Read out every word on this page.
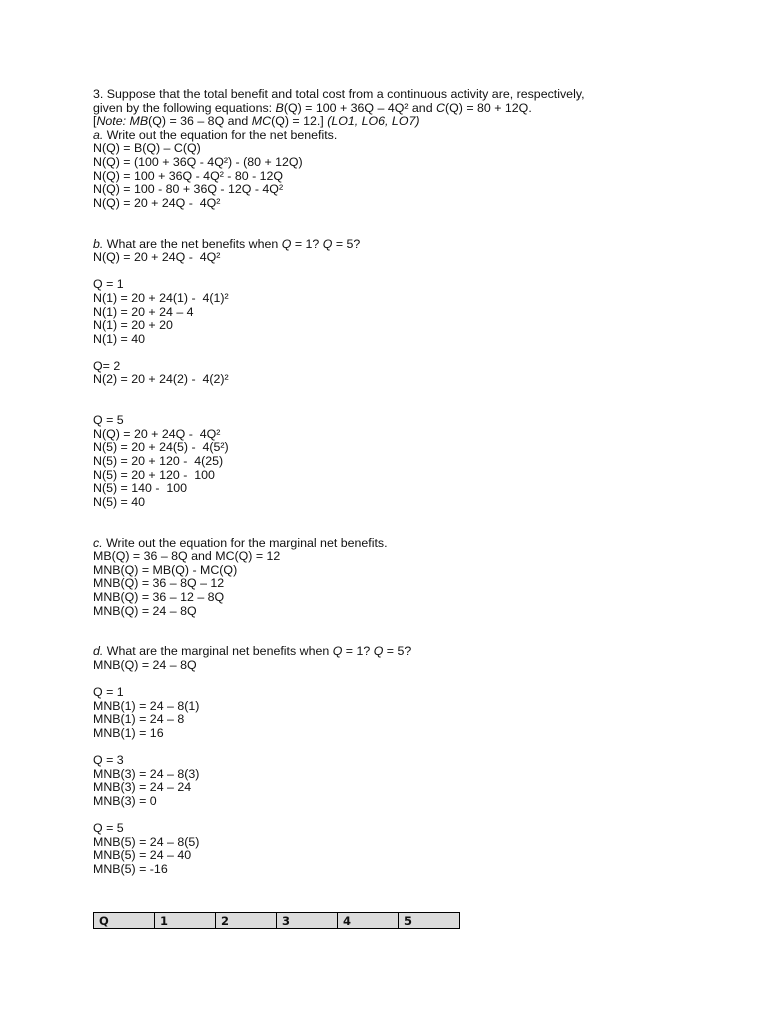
3. Suppose that the total benefit and total cost from a continuous activity are, respectively,
given by the following equations: B(Q) = 100 + 36Q – 4Q² and C(Q) = 80 + 12Q.
[Note: MB(Q) = 36 – 8Q and MC(Q) = 12.] (LO1, LO6, LO7)
a. Write out the equation for the net benefits.
N(Q) = B(Q) – C(Q)
N(Q) = (100 + 36Q - 4Q²) - (80 + 12Q)
N(Q) = 100 + 36Q - 4Q² - 80 - 12Q
N(Q) = 100 - 80 + 36Q - 12Q - 4Q²
N(Q) = 20 + 24Q -  4Q²
b. What are the net benefits when Q = 1? Q = 5?
N(Q) = 20 + 24Q -  4Q²
Q = 1
N(1) = 20 + 24(1) -  4(1)²
N(1) = 20 + 24 – 4
N(1) = 20 + 20
N(1) = 40
Q= 2
N(2) = 20 + 24(2) -  4(2)²
Q = 5
N(Q) = 20 + 24Q -  4Q²
N(5) = 20 + 24(5) -  4(5²)
N(5) = 20 + 120 -  4(25)
N(5) = 20 + 120 -  100
N(5) = 140 -  100
N(5) = 40
c. Write out the equation for the marginal net benefits.
MB(Q) = 36 – 8Q and MC(Q) = 12
MNB(Q) = MB(Q) - MC(Q)
MNB(Q) = 36 – 8Q – 12
MNB(Q) = 36 – 12 – 8Q
MNB(Q) = 24 – 8Q
d. What are the marginal net benefits when Q = 1? Q = 5?
MNB(Q) = 24 – 8Q
Q = 1
MNB(1) = 24 – 8(1)
MNB(1) = 24 – 8
MNB(1) = 16
Q = 3
MNB(3) = 24 – 8(3)
MNB(3) = 24 – 24
MNB(3) = 0
Q = 5
MNB(5) = 24 – 8(5)
MNB(5) = 24 – 40
MNB(5) = -16
Q	1	2	3	4	5
